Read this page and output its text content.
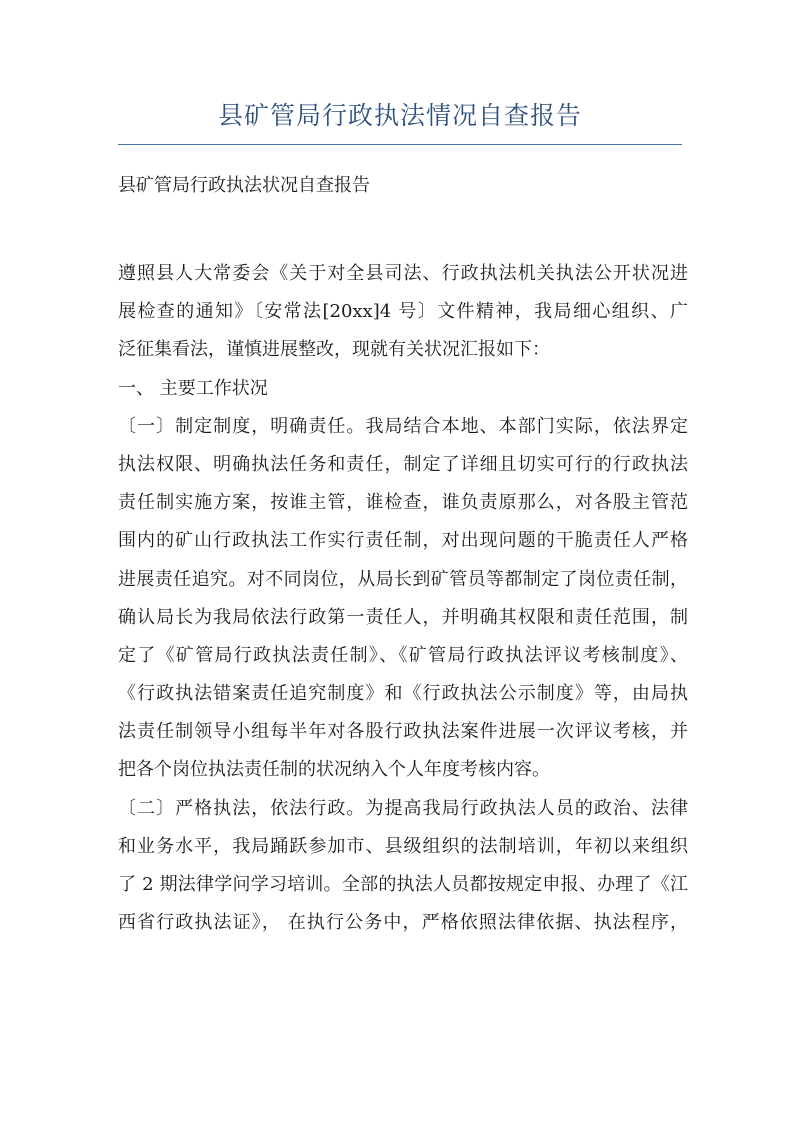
县矿管局行政执法情况自查报告
县矿管局行政执法状况自查报告
遵照县人大常委会《关于对全县司法、行政执法机关执法公开状况进
展检查的通知》〔安常法[20xx]4 号〕文件精神，我局细心组织、广
泛征集看法，谨慎进展整改，现就有关状况汇报如下：
一、 主要工作状况
〔一〕制定制度，明确责任。我局结合本地、本部门实际，依法界定
执法权限、明确执法任务和责任，制定了详细且切实可行的行政执法
责任制实施方案，按谁主管，谁检查，谁负责原那么，对各股主管范
围内的矿山行政执法工作实行责任制，对出现问题的干脆责任人严格
进展责任追究。对不同岗位，从局长到矿管员等都制定了岗位责任制，
确认局长为我局依法行政第一责任人，并明确其权限和责任范围，制
定了《矿管局行政执法责任制》、《矿管局行政执法评议考核制度》、
《行政执法错案责任追究制度》和《行政执法公示制度》等，由局执
法责任制领导小组每半年对各股行政执法案件进展一次评议考核，并
把各个岗位执法责任制的状况纳入个人年度考核内容。
〔二〕严格执法，依法行政。为提高我局行政执法人员的政治、法律
和业务水平，我局踊跃参加市、县级组织的法制培训，年初以来组织
了 2 期法律学问学习培训。全部的执法人员都按规定申报、办理了《江
西省行政执法证》， 在执行公务中，严格依照法律依据、执法程序，
